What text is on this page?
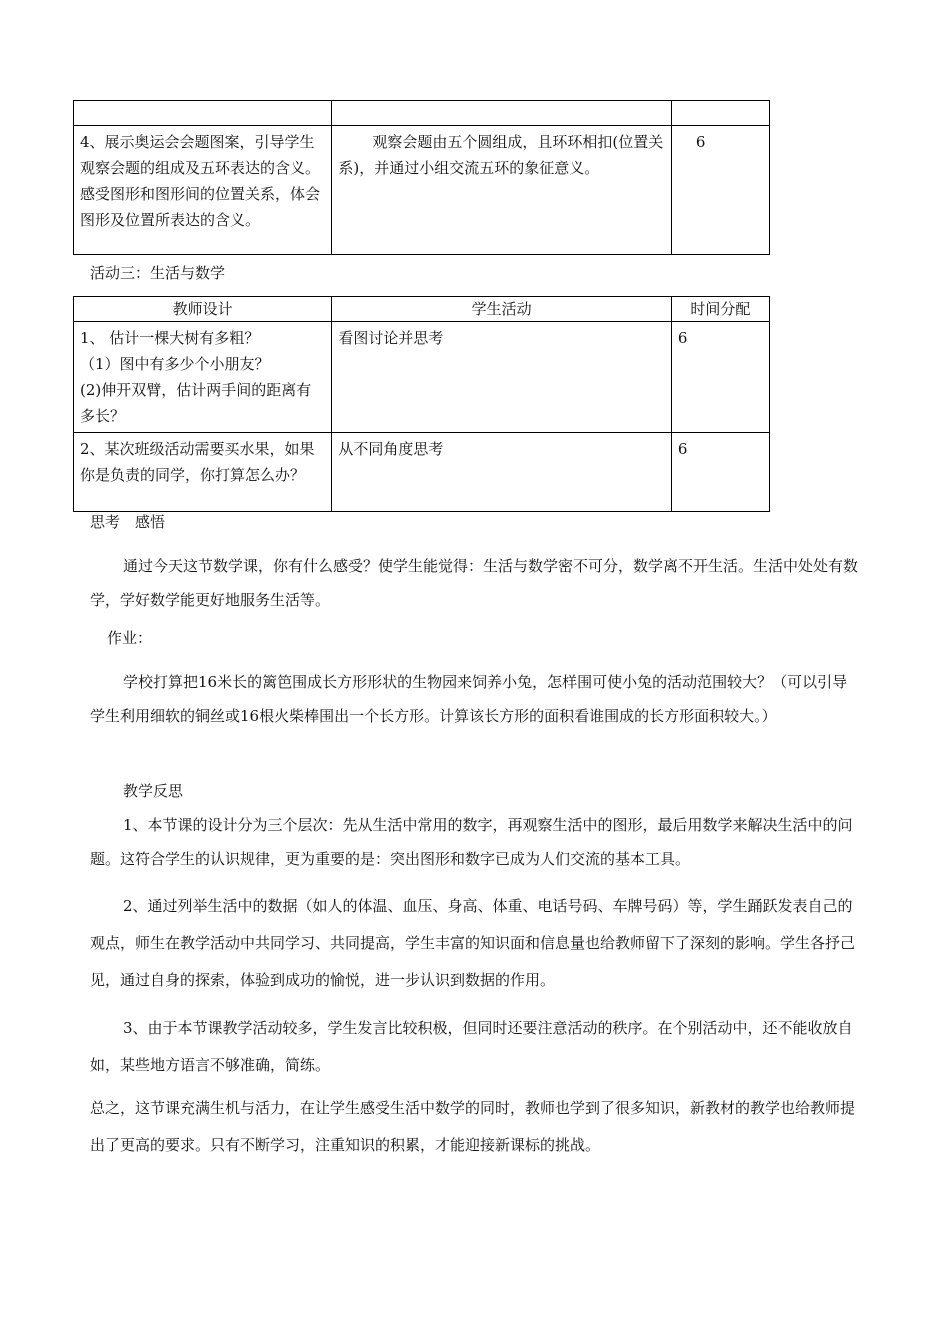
4、展示奥运会会题图案，引导学生观察会题的组成及五环表达的含义。感受图形和图形间的位置关系，体会图形及位置所表达的含义。	观察会题由五个圆组成，且环环相扣(位置关系)，并通过小组交流五环的象征意义。	6
活动三：生活与数学
教师设计	学生活动	时间分配

1、 估计一棵大树有多粗？
（1）图中有多少个小朋友？
(2)伸开双臂，估计两手间的距离有多长？	看图讨论并思考	6

2、某次班级活动需要买水果，如果你是负责的同学，你打算怎么办？	从不同角度思考	6
思考　感悟

通过今天这节数学课，你有什么感受？使学生能觉得：生活与数学密不可分，数学离不开生活。生活中处处有数学，学好数学能更好地服务生活等。

作业：

学校打算把16米长的篱笆围成长方形形状的生物园来饲养小兔，怎样围可使小兔的活动范围较大？（可以引导学生利用细软的铜丝或16根火柴棒围出一个长方形。计算该长方形的面积看谁围成的长方形面积较大。）

教学反思

1、本节课的设计分为三个层次：先从生活中常用的数字，再观察生活中的图形，最后用数学来解决生活中的问题。这符合学生的认识规律，更为重要的是：突出图形和数字已成为人们交流的基本工具。

2、通过列举生活中的数据（如人的体温、血压、身高、体重、电话号码、车牌号码）等，学生踊跃发表自己的观点，师生在教学活动中共同学习、共同提高，学生丰富的知识面和信息量也给教师留下了深刻的影响。学生各抒己见，通过自身的探索，体验到成功的愉悦，进一步认识到数据的作用。

3、由于本节课教学活动较多，学生发言比较积极，但同时还要注意活动的秩序。在个别活动中，还不能收放自如，某些地方语言不够准确，简练。

总之，这节课充满生机与活力，在让学生感受生活中数学的同时，教师也学到了很多知识，新教材的教学也给教师提出了更高的要求。只有不断学习，注重知识的积累，才能迎接新课标的挑战。
